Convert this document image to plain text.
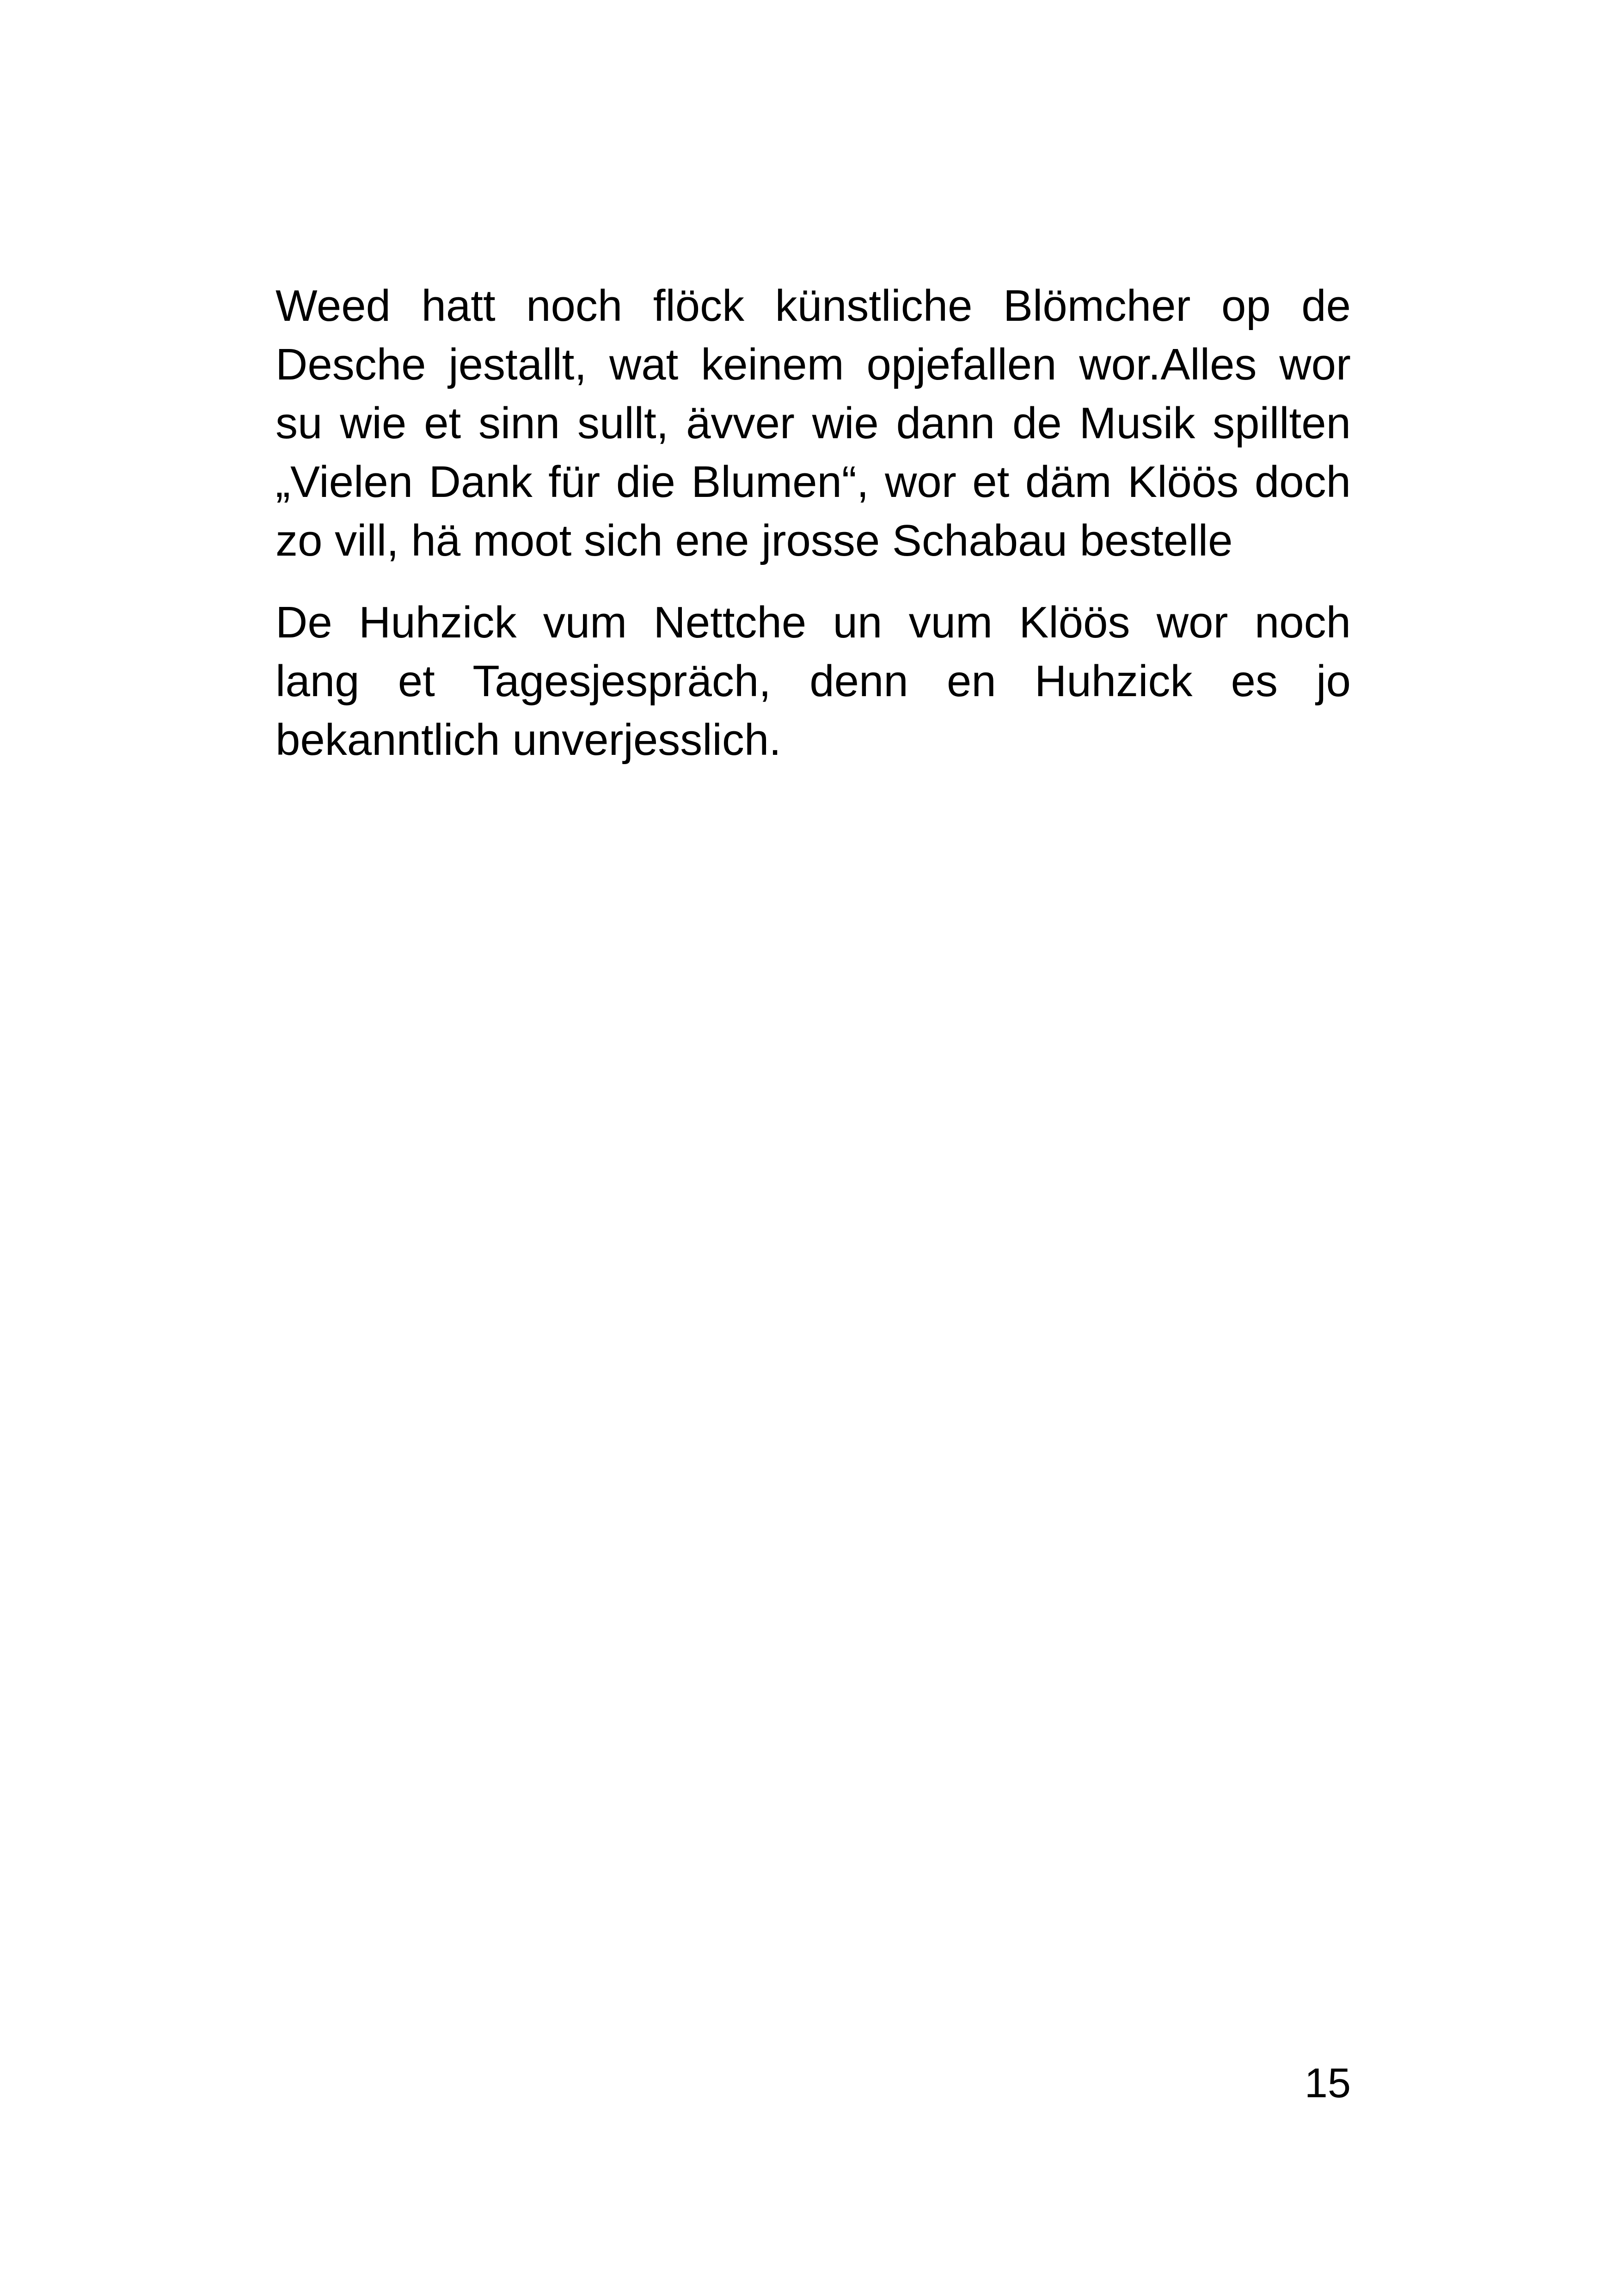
Weed hatt noch flöck künstliche Blömcher op de
Desche jestallt, wat keinem opjefallen wor.Alles wor
su wie et sinn sullt, ävver wie dann de Musik spillten
„Vielen Dank für die Blumen“, wor et däm Klöös doch
zo vill, hä moot sich ene jrosse Schabau bestelle
De Huhzick vum Nettche un vum Klöös wor noch
lang et Tagesjespräch, denn en Huhzick es jo
bekanntlich unverjesslich.
15
